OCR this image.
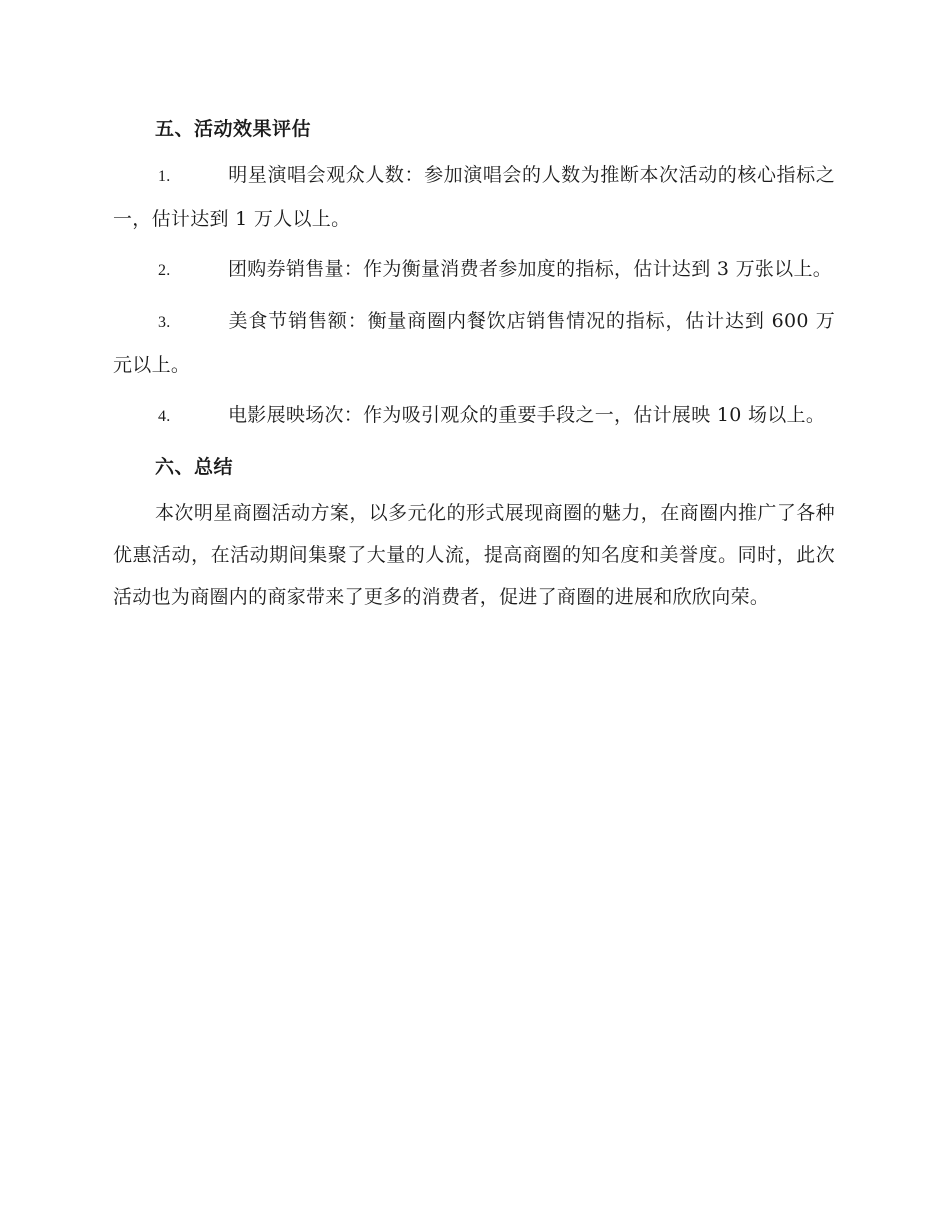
五、活动效果评估

1.	明星演唱会观众人数：参加演唱会的人数为推断本次活动的核心指标之一，估计达到 1 万人以上。

2.	团购券销售量：作为衡量消费者参加度的指标，估计达到 3 万张以上。

3.	美食节销售额：衡量商圈内餐饮店销售情况的指标，估计达到 600 万元以上。

4.	电影展映场次：作为吸引观众的重要手段之一，估计展映 10 场以上。

六、总结

本次明星商圈活动方案，以多元化的形式展现商圈的魅力，在商圈内推广了各种优惠活动，在活动期间集聚了大量的人流，提高商圈的知名度和美誉度。同时，此次活动也为商圈内的商家带来了更多的消费者，促进了商圈的进展和欣欣向荣。
